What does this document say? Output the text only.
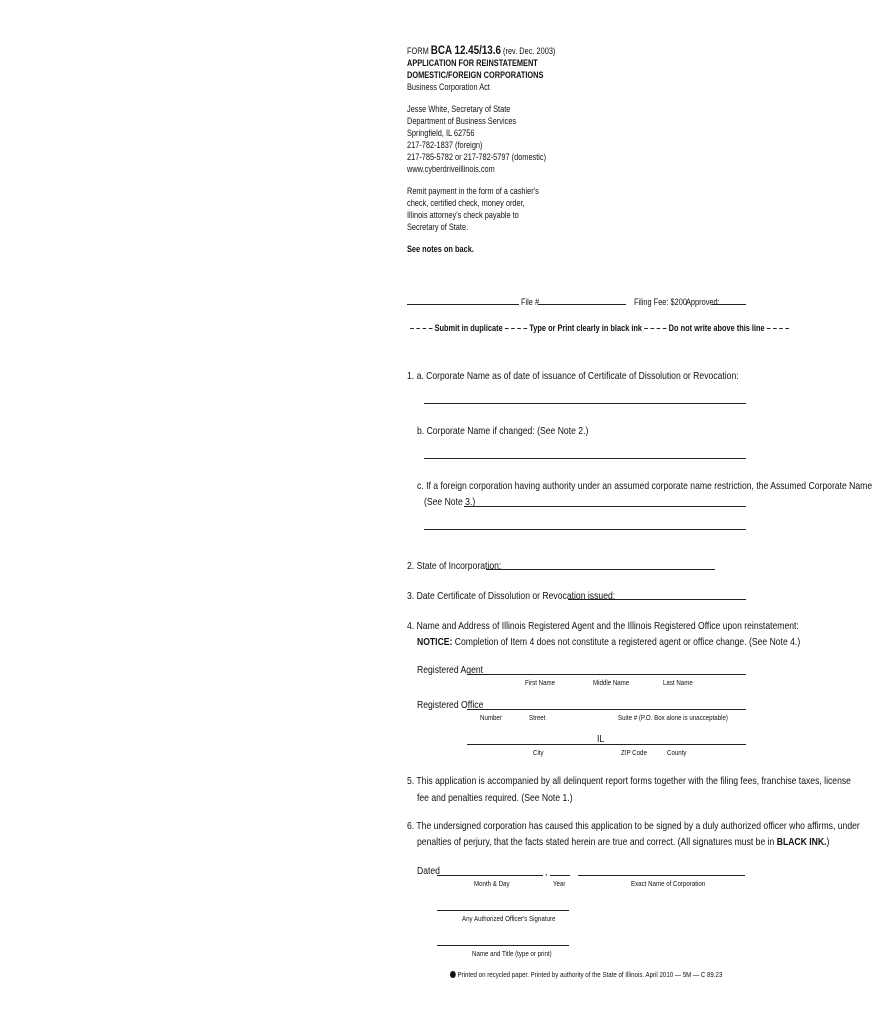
FORM BCA 12.45/13.6 (rev. Dec. 2003)
APPLICATION FOR REINSTATEMENT
DOMESTIC/FOREIGN CORPORATIONS
Business Corporation Act
Jesse White, Secretary of State
Department of Business Services
Springfield, IL 62756
217-782-1837 (foreign)
217-785-5782 or 217-782-5797 (domestic)
www.cyberdriveillinois.com
Remit payment in the form of a cashier's
check, certified check, money order,
Illinois attorney's check payable to
Secretary of State.
See notes on back.
File #	Filing Fee: $200 Approved:
– – – – Submit in duplicate – – – – Type or Print clearly in black ink – – – – Do not write above this line – – – –
1. a. Corporate Name as of date of issuance of Certificate of Dissolution or Revocation:
b. Corporate Name if changed: (See Note 2.)
c. If a foreign corporation having authority under an assumed corporate name restriction, the Assumed Corporate Name
(See Note 3.)
2. State of Incorporation:
3. Date Certificate of Dissolution or Revocation issued:
4. Name and Address of Illinois Registered Agent and the Illinois Registered Office upon reinstatement:
NOTICE: Completion of Item 4 does not constitute a registered agent or office change. (See Note 4.)
Registered Agent
First Name	Middle Name	Last Name
Registered Office
Number	Street	Suite # (P.O. Box alone is unacceptable)
IL
City	ZIP Code	County
5. This application is accompanied by all delinquent report forms together with the filing fees, franchise taxes, license
fee and penalties required. (See Note 1.)
6. The undersigned corporation has caused this application to be signed by a duly authorized officer who affirms, under
penalties of perjury, that the facts stated herein are true and correct. (All signatures must be in BLACK INK.)
Dated	,
Month & Day	Year	Exact Name of Corporation
Any Authorized Officer's Signature
Name and Title (type or print)
Printed on recycled paper. Printed by authority of the State of Illinois. April 2010 — 5M — C 89.23
